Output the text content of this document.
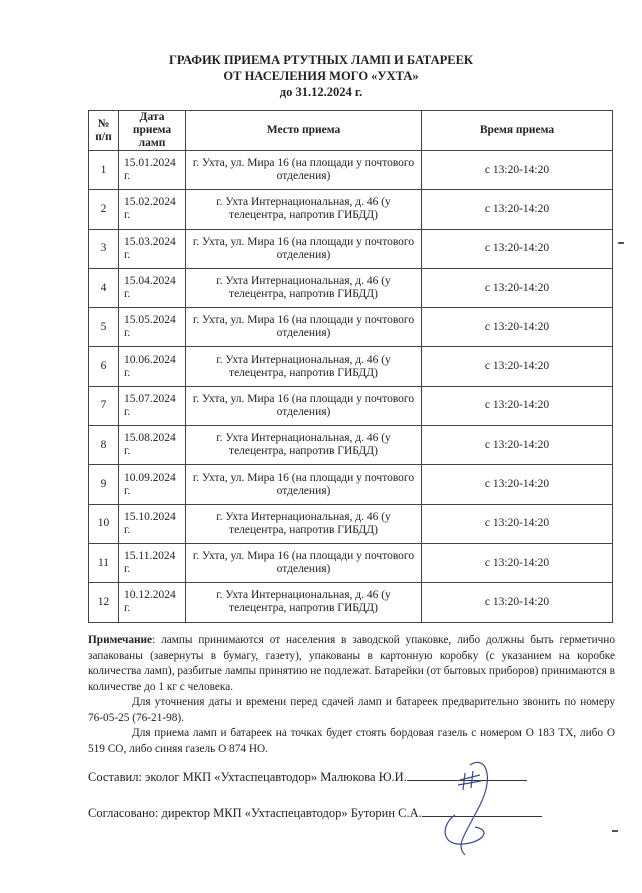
ГРАФИК ПРИЕМА РТУТНЫХ ЛАМП И БАТАРЕЕК
ОТ НАСЕЛЕНИЯ МОГО «УХТА»
до 31.12.2024 г.
№ п/п	Дата приема ламп	Место приема	Время приема
1	15.01.2024 г.	г. Ухта, ул. Мира 16 (на площади у почтового отделения)	с 13:20-14:20
2	15.02.2024 г.	г. Ухта Интернациональная, д. 46 (у телецентра, напротив ГИБДД)	с 13:20-14:20
3	15.03.2024 г.	г. Ухта, ул. Мира 16 (на площади у почтового отделения)	с 13:20-14:20
4	15.04.2024 г.	г. Ухта Интернациональная, д. 46 (у телецентра, напротив ГИБДД)	с 13:20-14:20
5	15.05.2024 г.	г. Ухта, ул. Мира 16 (на площади у почтового отделения)	с 13:20-14:20
6	10.06.2024 г.	г. Ухта Интернациональная, д. 46 (у телецентра, напротив ГИБДД)	с 13:20-14:20
7	15.07.2024 г.	г. Ухта, ул. Мира 16 (на площади у почтового отделения)	с 13:20-14:20
8	15.08.2024 г.	г. Ухта Интернациональная, д. 46 (у телецентра, напротив ГИБДД)	с 13:20-14:20
9	10.09.2024 г.	г. Ухта, ул. Мира 16 (на площади у почтового отделения)	с 13:20-14:20
10	15.10.2024 г.	г. Ухта Интернациональная, д. 46 (у телецентра, напротив ГИБДД)	с 13:20-14:20
11	15.11.2024 г.	г. Ухта, ул. Мира 16 (на площади у почтового отделения)	с 13:20-14:20
12	10.12.2024 г.	г. Ухта Интернациональная, д. 46 (у телецентра, напротив ГИБДД)	с 13:20-14:20

Примечание: лампы принимаются от населения в заводской упаковке, либо должны быть герметично запакованы (завернуты в бумагу, газету), упакованы в картонную коробку (с указанием на коробке количества ламп), разбитые лампы принятию не подлежат. Батарейки (от бытовых приборов) принимаются в количестве до 1 кг с человека.

Для уточнения даты и времени перед сдачей ламп и батареек предварительно звонить по номеру 76-05-25 (76-21-98).

Для приема ламп и батареек на точках будет стоять бордовая газель с номером О 183 ТХ, либо О 519 СО, либо синяя газель О 874 НО.

Составил: эколог МКП «Ухтаспецавтодор» Малюкова Ю.И.
Согласовано: директор МКП «Ухтаспецавтодор» Буторин С.А.
